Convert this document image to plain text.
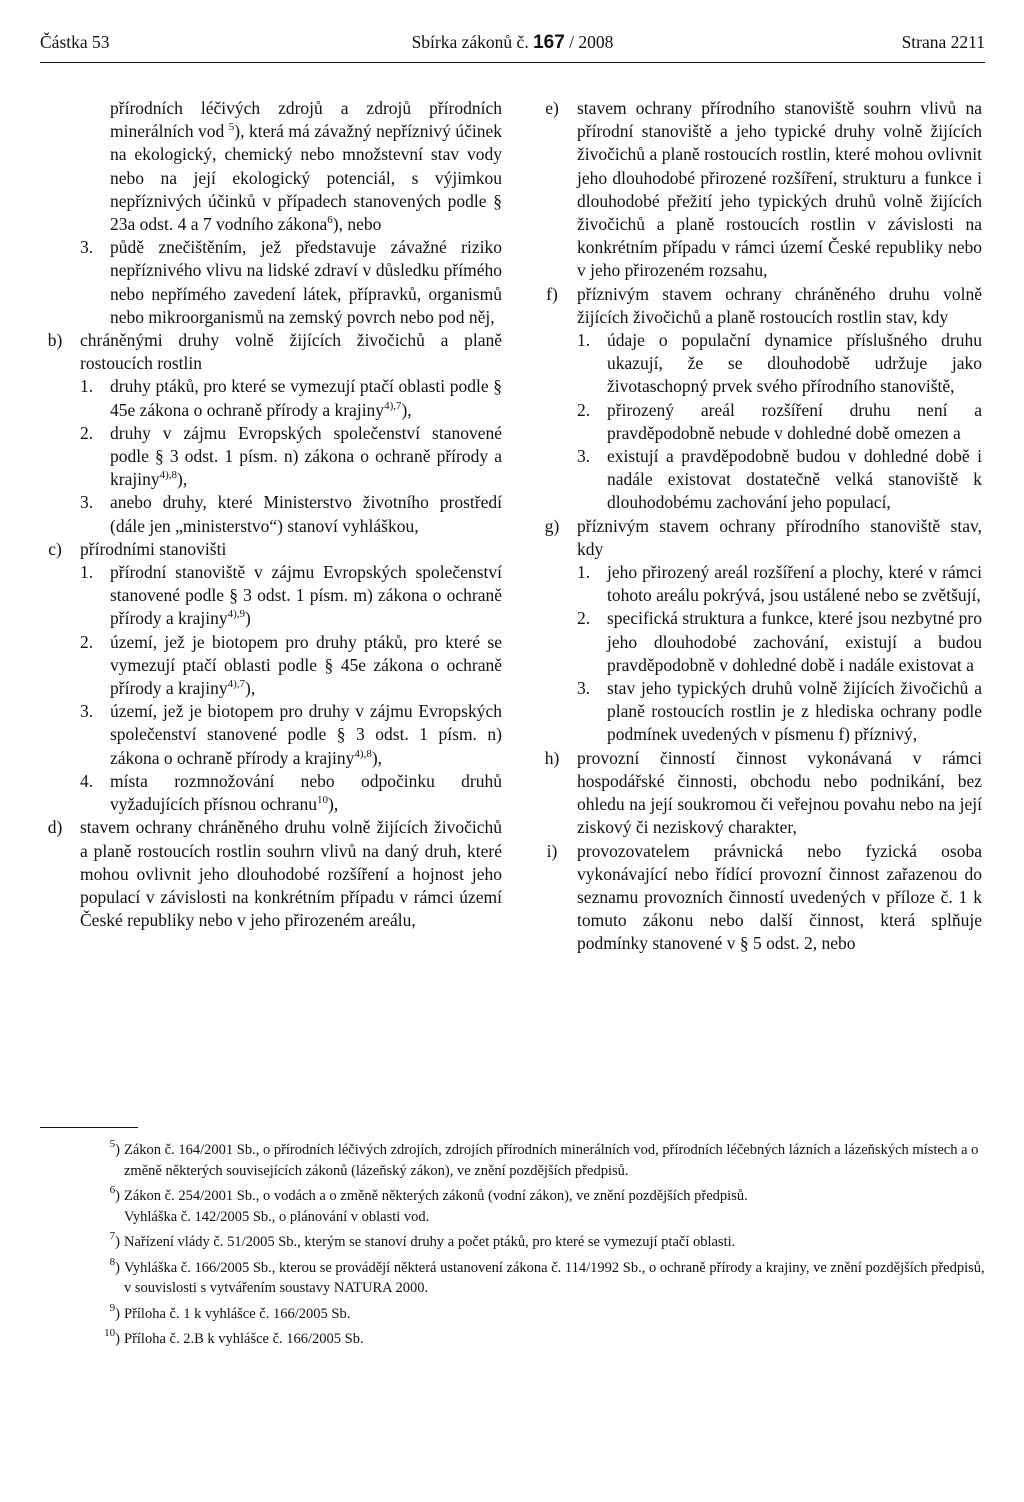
Částka 53	Sbírka zákonů č. 167 / 2008	Strana 2211
přírodních léčivých zdrojů a zdrojů přírodních minerálních vod $^5$), která má závažný nepříznivý účinek na ekologický, chemický nebo množstevní stav vody nebo na její ekologický potenciál, s výjimkou nepříznivých účinků v případech stanovených podle § 23a odst. 4 a 7 vodního zákona$^6$), nebo
3. půdě znečištěním, jež představuje závažné riziko nepříznivého vlivu na lidské zdraví v důsledku přímého nebo nepřímého zavedení látek, přípravků, organismů nebo mikroorganismů na zemský povrch nebo pod něj,
b)	chráněnými druhy volně žijících živočichů a planě rostoucích rostlin
1. druhy ptáků, pro které se vymezují ptačí oblasti podle § 45e zákona o ochraně přírody a krajiny$^{4),7}$),
2. druhy v zájmu Evropských společenství stanovené podle § 3 odst. 1 písm. n) zákona o ochraně přírody a krajiny$^{4),8}$),
3. anebo druhy, které Ministerstvo životního prostředí (dále jen „ministerstvo“) stanoví vyhláškou,
c)	přírodními stanovišti
1. přírodní stanoviště v zájmu Evropských společenství stanovené podle § 3 odst. 1 písm. m) zákona o ochraně přírody a krajiny$^{4),9}$)
2. území, jež je biotopem pro druhy ptáků, pro které se vymezují ptačí oblasti podle § 45e zákona o ochraně přírody a krajiny$^{4),7}$),
3. území, jež je biotopem pro druhy v zájmu Evropských společenství stanovené podle § 3 odst. 1 písm. n) zákona o ochraně přírody a krajiny$^{4),8}$),
4. místa rozmnožování nebo odpočinku druhů vyžadujících přísnou ochranu$^{10}$),
d)	stavem ochrany chráněného druhu volně žijících živočichů a planě rostoucích rostlin souhrn vlivů na daný druh, které mohou ovlivnit jeho dlouhodobé rozšíření a hojnost jeho populací v závislosti na konkrétním případu v rámci území České republiky nebo v jeho přirozeném areálu,
e)	stavem ochrany přírodního stanoviště souhrn vlivů na přírodní stanoviště a jeho typické druhy volně žijících živočichů a planě rostoucích rostlin, které mohou ovlivnit jeho dlouhodobé přirozené rozšíření, strukturu a funkce i dlouhodobé přežití jeho typických druhů volně žijících živočichů a planě rostoucích rostlin v závislosti na konkrétním případu v rámci území České republiky nebo v jeho přirozeném rozsahu,
f)	příznivým stavem ochrany chráněného druhu volně žijících živočichů a planě rostoucích rostlin stav, kdy
1. údaje o populační dynamice příslušného druhu ukazují, že se dlouhodobě udržuje jako životaschopný prvek svého přírodního stanoviště,
2. přirozený areál rozšíření druhu není a pravděpodobně nebude v dohledné době omezen a
3. existují a pravděpodobně budou v dohledné době i nadále existovat dostatečně velká stanoviště k dlouhodobému zachování jeho populací,
g)	příznivým stavem ochrany přírodního stanoviště stav, kdy
1. jeho přirozený areál rozšíření a plochy, které v rámci tohoto areálu pokrývá, jsou ustálené nebo se zvětšují,
2. specifická struktura a funkce, které jsou nezbytné pro jeho dlouhodobé zachování, existují a budou pravděpodobně v dohledné době i nadále existovat a
3. stav jeho typických druhů volně žijících živočichů a planě rostoucích rostlin je z hlediska ochrany podle podmínek uvedených v písmenu f) příznivý,
h)	provozní činností činnost vykonávaná v rámci hospodářské činnosti, obchodu nebo podnikání, bez ohledu na její soukromou či veřejnou povahu nebo na její ziskový či neziskový charakter,
i)	provozovatelem právnická nebo fyzická osoba vykonávající nebo řídící provozní činnost zařazenou do seznamu provozních činností uvedených v příloze č. 1 k tomuto zákonu nebo další činnost, která splňuje podmínky stanovené v § 5 odst. 2, nebo
$^5$) Zákon č. 164/2001 Sb., o přírodních léčivých zdrojích, zdrojích přírodních minerálních vod, přírodních léčebných lázních a lázeňských místech a o změně některých souvisejících zákonů (lázeňský zákon), ve znění pozdějších předpisů.
$^6$) Zákon č. 254/2001 Sb., o vodách a o změně některých zákonů (vodní zákon), ve znění pozdějších předpisů.
Vyhláška č. 142/2005 Sb., o plánování v oblasti vod.
$^7$) Nařízení vlády č. 51/2005 Sb., kterým se stanoví druhy a počet ptáků, pro které se vymezují ptačí oblasti.
$^8$) Vyhláška č. 166/2005 Sb., kterou se provádějí některá ustanovení zákona č. 114/1992 Sb., o ochraně přírody a krajiny, ve znění pozdějších předpisů, v souvislosti s vytvářením soustavy NATURA 2000.
$^9$) Příloha č. 1 k vyhlášce č. 166/2005 Sb.
$^{10}$) Příloha č. 2.B k vyhlášce č. 166/2005 Sb.
